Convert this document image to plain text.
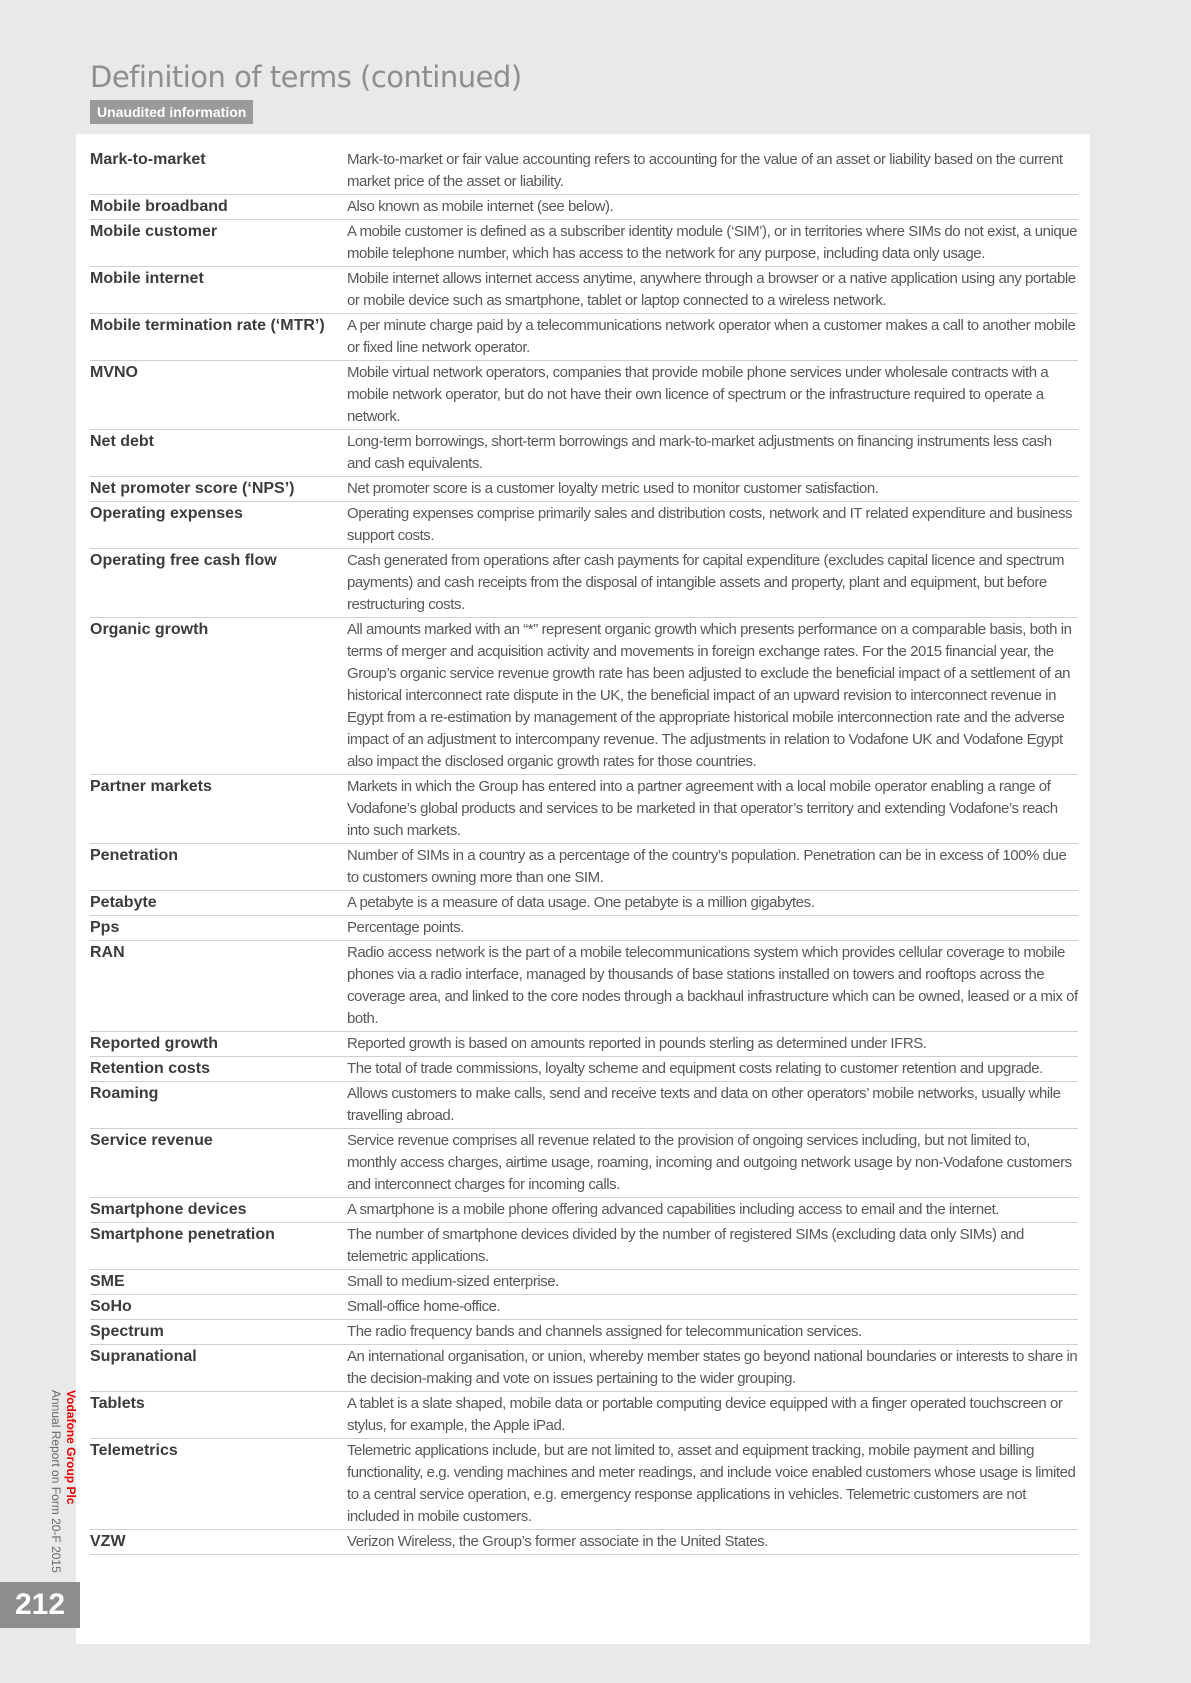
Definition of terms (continued)
Unaudited information
Mark-to-market	Mark-to-market or fair value accounting refers to accounting for the value of an asset or liability based on the current market price of the asset or liability.
Mobile broadband	Also known as mobile internet (see below).
Mobile customer	A mobile customer is defined as a subscriber identity module (‘SIM’), or in territories where SIMs do not exist, a unique mobile telephone number, which has access to the network for any purpose, including data only usage.
Mobile internet	Mobile internet allows internet access anytime, anywhere through a browser or a native application using any portable or mobile device such as smartphone, tablet or laptop connected to a wireless network.
Mobile termination rate (‘MTR’)	A per minute charge paid by a telecommunications network operator when a customer makes a call to another mobile or fixed line network operator.
MVNO	Mobile virtual network operators, companies that provide mobile phone services under wholesale contracts with a mobile network operator, but do not have their own licence of spectrum or the infrastructure required to operate a network.
Net debt	Long-term borrowings, short-term borrowings and mark-to-market adjustments on financing instruments less cash and cash equivalents.
Net promoter score (‘NPS’)	Net promoter score is a customer loyalty metric used to monitor customer satisfaction.
Operating expenses	Operating expenses comprise primarily sales and distribution costs, network and IT related expenditure and business support costs.
Operating free cash flow	Cash generated from operations after cash payments for capital expenditure (excludes capital licence and spectrum payments) and cash receipts from the disposal of intangible assets and property, plant and equipment, but before restructuring costs.
Organic growth	All amounts marked with an “*” represent organic growth which presents performance on a comparable basis, both in terms of merger and acquisition activity and movements in foreign exchange rates. For the 2015 financial year, the Group’s organic service revenue growth rate has been adjusted to exclude the beneficial impact of a settlement of an historical interconnect rate dispute in the UK, the beneficial impact of an upward revision to interconnect revenue in Egypt from a re-estimation by management of the appropriate historical mobile interconnection rate and the adverse impact of an adjustment to intercompany revenue. The adjustments in relation to Vodafone UK and Vodafone Egypt also impact the disclosed organic growth rates for those countries.
Partner markets	Markets in which the Group has entered into a partner agreement with a local mobile operator enabling a range of Vodafone’s global products and services to be marketed in that operator’s territory and extending Vodafone’s reach into such markets.
Penetration	Number of SIMs in a country as a percentage of the country’s population. Penetration can be in excess of 100% due to customers owning more than one SIM.
Petabyte	A petabyte is a measure of data usage. One petabyte is a million gigabytes.
Pps	Percentage points.
RAN	Radio access network is the part of a mobile telecommunications system which provides cellular coverage to mobile phones via a radio interface, managed by thousands of base stations installed on towers and rooftops across the coverage area, and linked to the core nodes through a backhaul infrastructure which can be owned, leased or a mix of both.
Reported growth	Reported growth is based on amounts reported in pounds sterling as determined under IFRS.
Retention costs	The total of trade commissions, loyalty scheme and equipment costs relating to customer retention and upgrade.
Roaming	Allows customers to make calls, send and receive texts and data on other operators’ mobile networks, usually while travelling abroad.
Service revenue	Service revenue comprises all revenue related to the provision of ongoing services including, but not limited to, monthly access charges, airtime usage, roaming, incoming and outgoing network usage by non-Vodafone customers and interconnect charges for incoming calls.
Smartphone devices	A smartphone is a mobile phone offering advanced capabilities including access to email and the internet.
Smartphone penetration	The number of smartphone devices divided by the number of registered SIMs (excluding data only SIMs) and telemetric applications.
SME	Small to medium-sized enterprise.
SoHo	Small-office home-office.
Spectrum	The radio frequency bands and channels assigned for telecommunication services.
Supranational	An international organisation, or union, whereby member states go beyond national boundaries or interests to share in the decision-making and vote on issues pertaining to the wider grouping.
Tablets	A tablet is a slate shaped, mobile data or portable computing device equipped with a finger operated touchscreen or stylus, for example, the Apple iPad.
Telemetrics	Telemetric applications include, but are not limited to, asset and equipment tracking, mobile payment and billing functionality, e.g. vending machines and meter readings, and include voice enabled customers whose usage is limited to a central service operation, e.g. emergency response applications in vehicles. Telemetric customers are not included in mobile customers.
VZW	Verizon Wireless, the Group’s former associate in the United States.
Vodafone Group Plc
Annual Report on Form 20-F 2015
212
